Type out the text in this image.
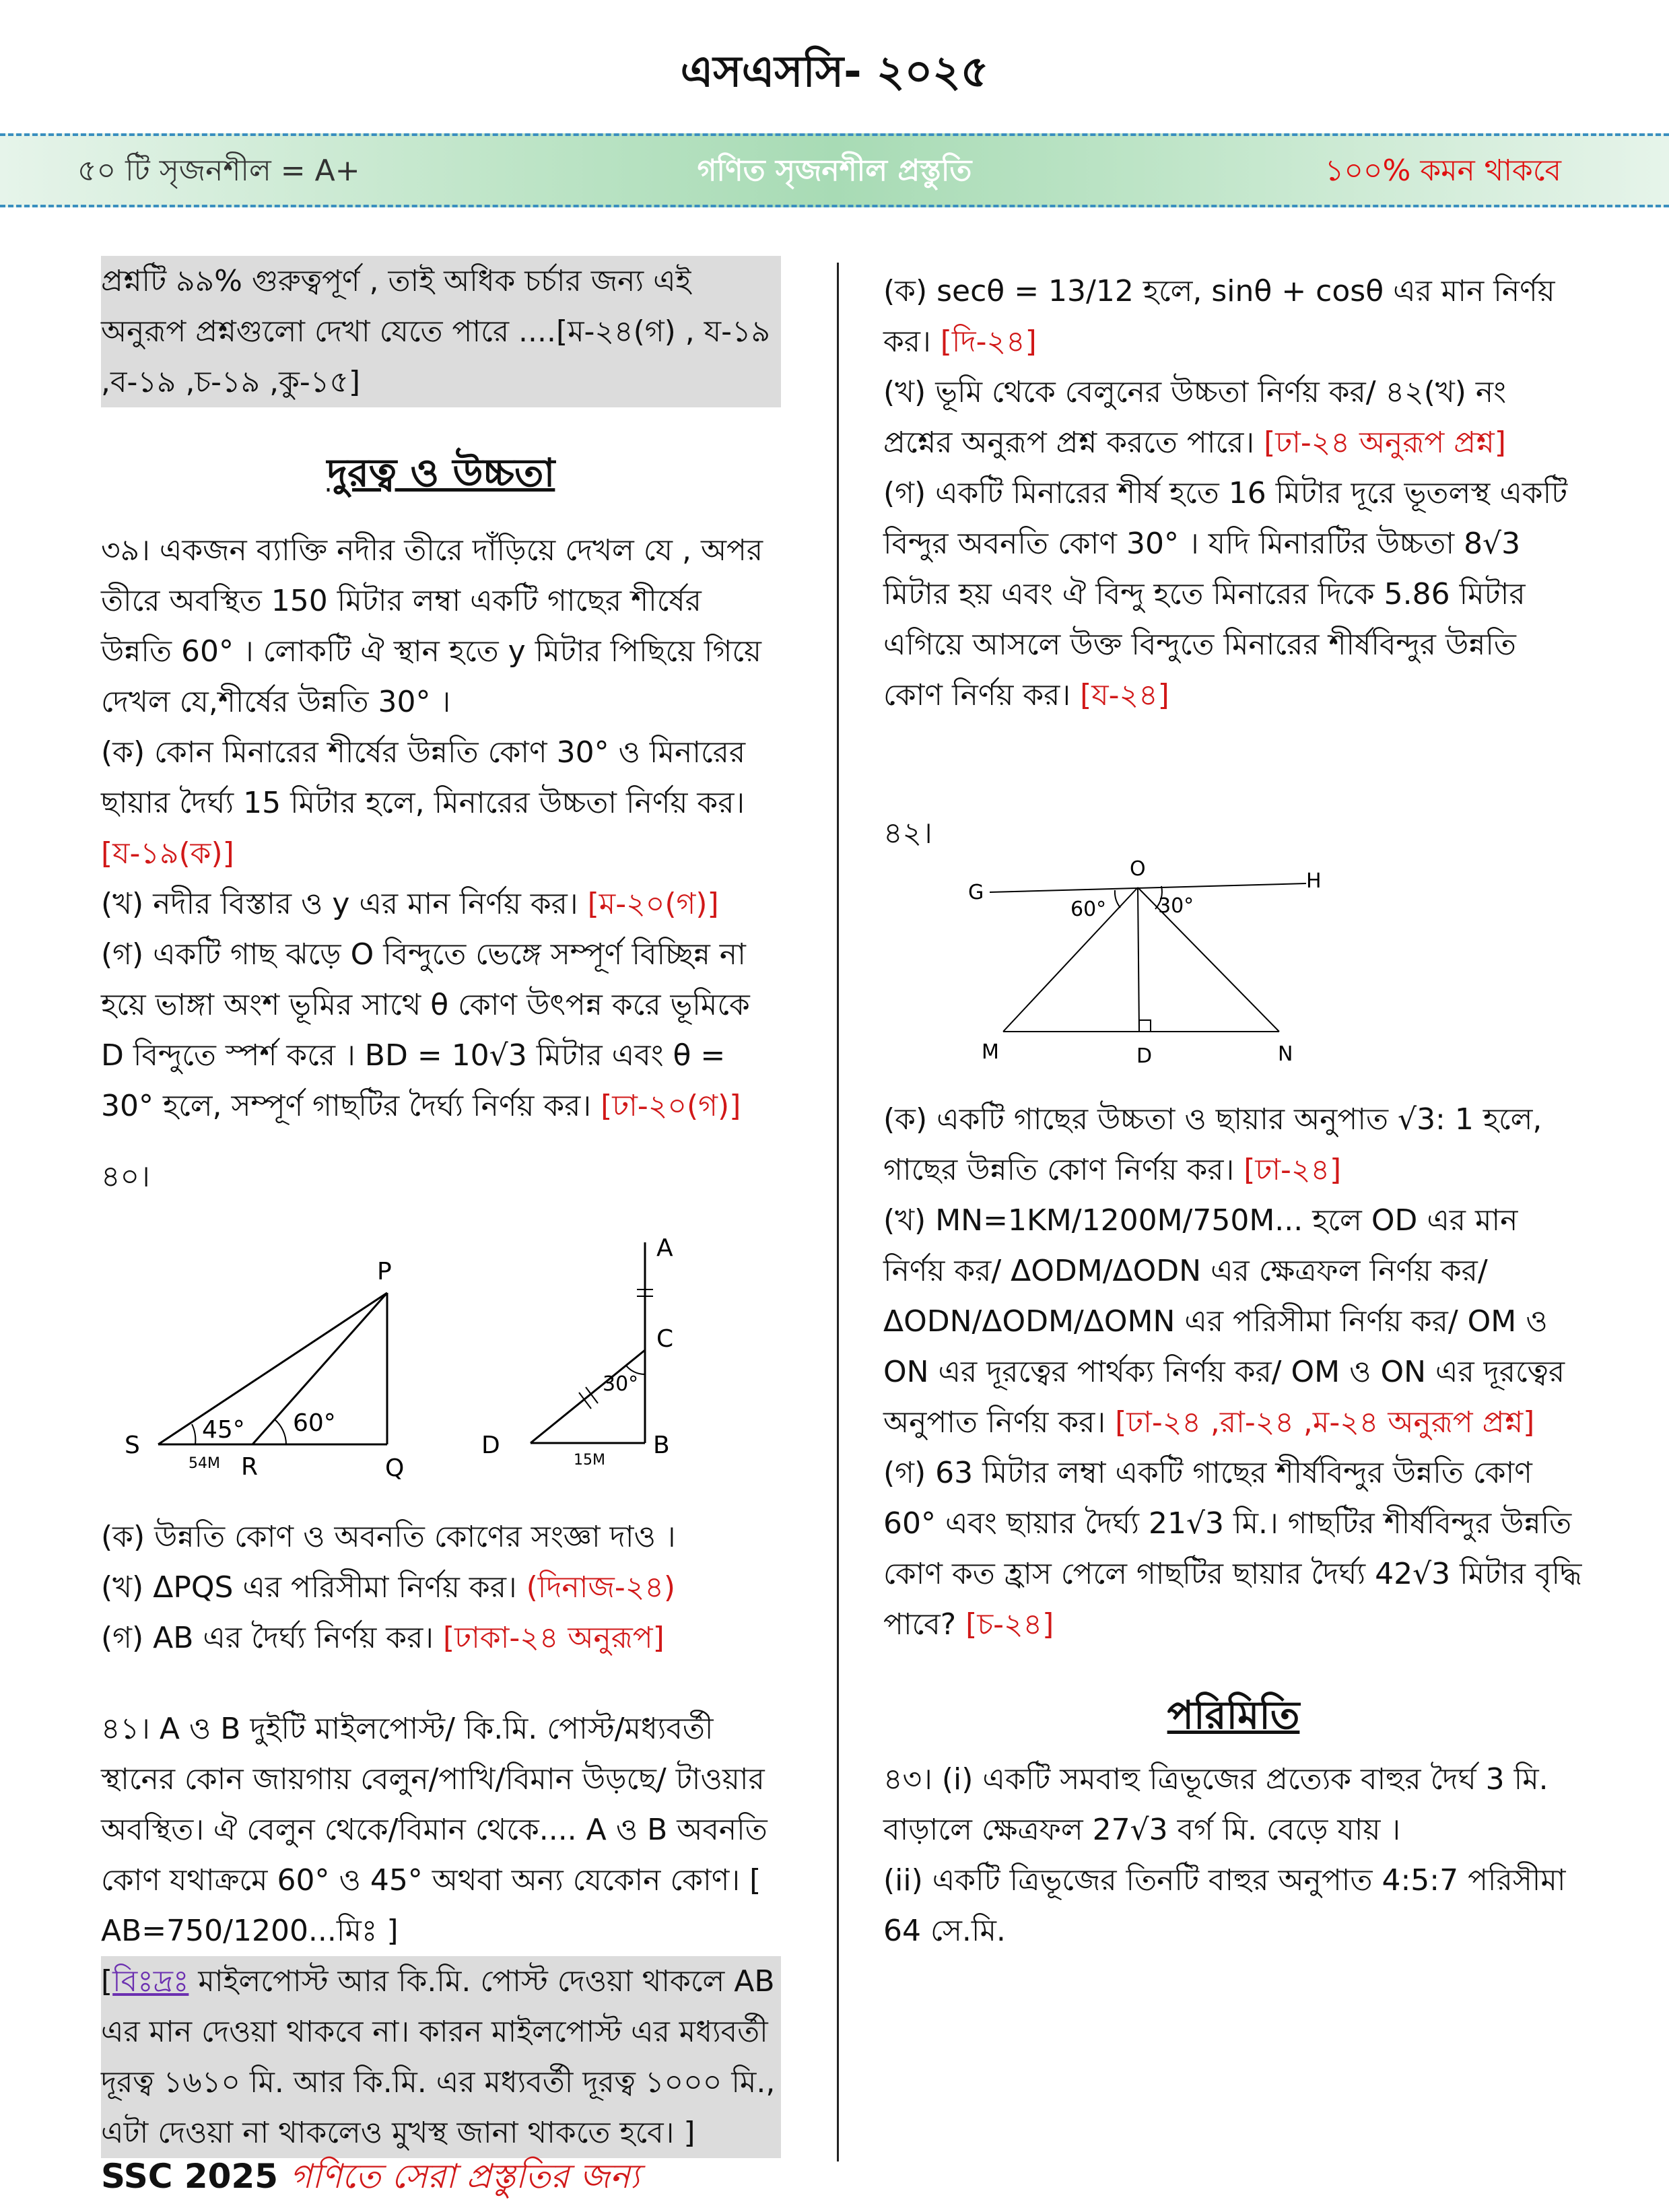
এসএসসি- ২০২৫
৫০ টি সৃজনশীল = A+	গণিত সৃজনশীল প্রস্তুতি	১০০% কমন থাকবে

প্রশ্নটি ৯৯% গুরুত্বপূর্ণ , তাই অধিক চর্চার জন্য এই অনুরূপ প্রশ্নগুলো দেখা যেতে পারে ....[ম-২৪(গ) , য-১৯ ,ব-১৯ ,চ-১৯ ,কু-১৫]

দুরত্ব ও উচ্চতা

৩৯। একজন ব্যাক্তি নদীর তীরে দাঁড়িয়ে দেখল যে , অপর তীরে অবস্থিত 150 মিটার লম্বা একটি গাছের শীর্ষের উন্নতি 60° । লোকটি ঐ স্থান হতে y মিটার পিছিয়ে গিয়ে দেখল যে,শীর্ষের উন্নতি 30° ।

(ক) কোন মিনারের শীর্ষের উন্নতি কোণ 30° ও মিনারের ছায়ার দৈর্ঘ্য 15 মিটার হলে, মিনারের উচ্চতা নির্ণয় কর। [য-১৯(ক)]

(খ) নদীর বিস্তার ও y এর মান নির্ণয় কর। [ম-২০(গ)]

(গ) একটি গাছ ঝড়ে O বিন্দুতে ভেঙ্গে সম্পূর্ণ বিচ্ছিন্ন না হয়ে ভাঙ্গা অংশ ভূমির সাথে θ কোণ উৎপন্ন করে ভূমিকে D বিন্দুতে স্পর্শ করে । BD = 10√3 মিটার এবং θ = 30° হলে, সম্পূর্ণ গাছটির দৈর্ঘ্য নির্ণয় কর। [ঢা-২০(গ)]

৪০।
S
R	Q
P
45° 60°
54M
A
C
B
D
30°
15M

(ক) উন্নতি কোণ ও অবনতি কোণের সংজ্ঞা দাও ।

(খ) ΔPQS এর পরিসীমা নির্ণয় কর। (দিনাজ-২৪)

(গ) AB এর দৈর্ঘ্য নির্ণয় কর। [ঢাকা-২৪ অনুরূপ]

৪১। A ও B দুইটি মাইলপোস্ট/ কি.মি. পোস্ট/মধ্যবর্তী স্থানের কোন জায়গায় বেলুন/পাখি/বিমান উড়ছে/ টাওয়ার অবস্থিত। ঐ বেলুন থেকে/বিমান থেকে.... A ও B অবনতি কোণ যথাক্রমে 60° ও 45° অথবা অন্য যেকোন কোণ। [ AB=750/1200...মিঃ ]

[বিঃদ্রঃ মাইলপোস্ট আর কি.মি. পোস্ট দেওয়া থাকলে AB এর মান দেওয়া থাকবে না। কারন মাইলপোস্ট এর মধ্যবর্তী দূরত্ব ১৬১০ মি. আর কি.মি. এর মধ্যবর্তী দূরত্ব ১০০০ মি., এটা দেওয়া না থাকলেও মুখস্থ জানা থাকতে হবে। ]

(ক) secθ = 13/12 হলে, sinθ + cosθ এর মান নির্ণয় কর। [দি-২৪]

(খ) ভূমি থেকে বেলুনের উচ্চতা নির্ণয় কর/ ৪২(খ) নং প্রশ্নের অনুরূপ প্রশ্ন করতে পারে। [ঢা-২৪ অনুরূপ প্রশ্ন]

(গ) একটি মিনারের শীর্ষ হতে 16 মিটার দূরে ভূতলস্থ একটি বিন্দুর অবনতি কোণ 30° । যদি মিনারটির উচ্চতা 8√3 মিটার হয় এবং ঐ বিন্দু হতে মিনারের দিকে 5.86 মিটার এগিয়ে আসলে উক্ত বিন্দুতে মিনারের শীর্ষবিন্দুর উন্নতি কোণ নির্ণয় কর। [য-২৪]

৪২।
G
O
H
M	D	N
60°	30°

(ক) একটি গাছের উচ্চতা ও ছায়ার অনুপাত √3: 1 হলে, গাছের উন্নতি কোণ নির্ণয় কর। [ঢা-২৪]

(খ) MN=1KM/1200M/750M... হলে OD এর মান নির্ণয় কর/ ΔODM/ΔODN এর ক্ষেত্রফল নির্ণয় কর/ ΔODN/ΔODM/ΔOMN এর পরিসীমা নির্ণয় কর/ OM ও ON এর দূরত্বের পার্থক্য নির্ণয় কর/ OM ও ON এর দূরত্বের অনুপাত নির্ণয় কর। [ঢা-২৪ ,রা-২৪ ,ম-২৪ অনুরূপ প্রশ্ন]

(গ) 63 মিটার লম্বা একটি গাছের শীর্ষবিন্দুর উন্নতি কোণ 60° এবং ছায়ার দৈর্ঘ্য 21√3 মি.। গাছটির শীর্ষবিন্দুর উন্নতি কোণ কত হ্রাস পেলে গাছটির ছায়ার দৈর্ঘ্য 42√3 মিটার বৃদ্ধি পাবে? [চ-২৪]

পরিমিতি

৪৩। (i) একটি সমবাহু ত্রিভূজের প্রত্যেক বাহুর দৈর্ঘ 3 মি. বাড়ালে ক্ষেত্রফল 27√3 বর্গ মি. বেড়ে যায় ।

(ii) একটি ত্রিভূজের তিনটি বাহুর অনুপাত 4:5:7 পরিসীমা 64 সে.মি.

SSC 2025 গণিতে সেরা প্রস্তুতির জন্য
